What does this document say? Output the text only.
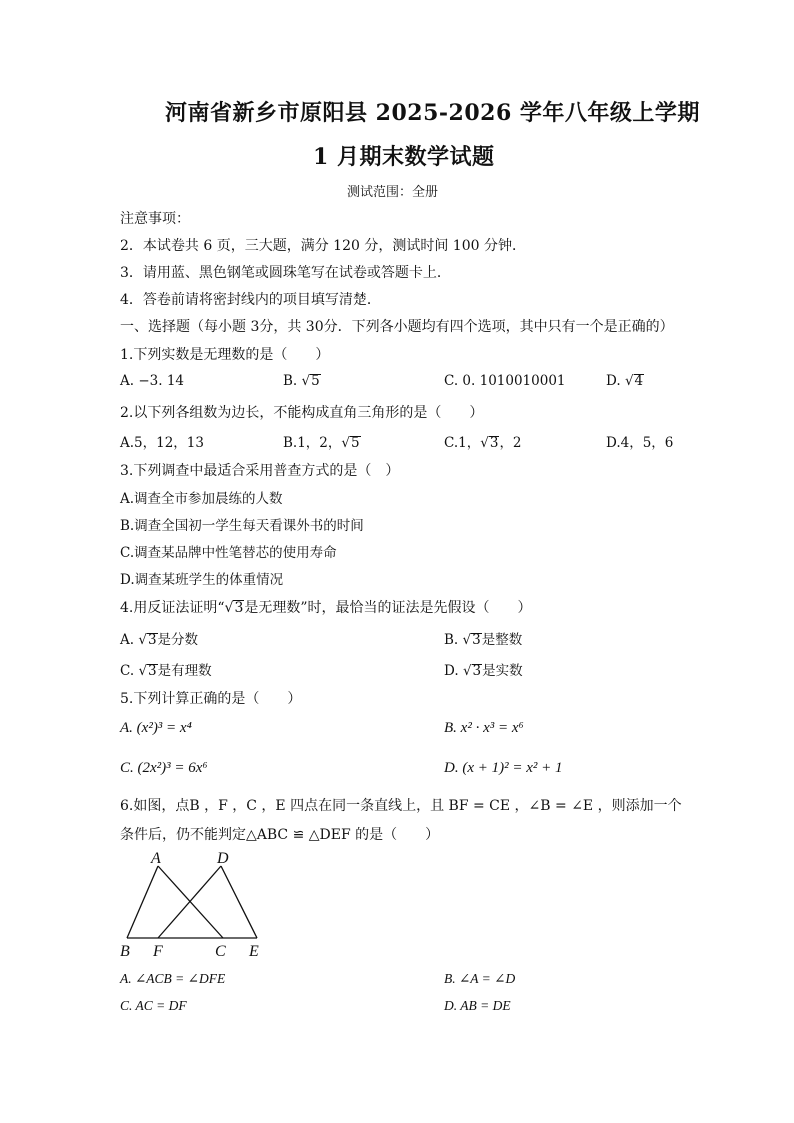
河南省新乡市原阳县 2025-2026 学年八年级上学期
1 月期末数学试题
测试范围：全册
注意事项：
2．本试卷共 6 页，三大题，满分 120 分，测试时间 100 分钟．
3．请用蓝、黑色钢笔或圆珠笔写在试卷或答题卡上．
4．答卷前请将密封线内的项目填写清楚．
一、选择题（每小题 3分，共 30分．下列各小题均有四个选项，其中只有一个是正确的）
1.下列实数是无理数的是（　　）
A. −3. 14	B. √5	C. 0. 1010010001	D. √4
2.以下列各组数为边长，不能构成直角三角形的是（　　）
A.5，12，13	B.1，2，√5	C.1，√3，2	D.4，5，6
3.下列调查中最适合采用普查方式的是（　）
A.调查全市参加晨练的人数
B.调查全国初一学生每天看课外书的时间
C.调查某品牌中性笔替芯的使用寿命
D.调查某班学生的体重情况
4.用反证法证明“√3是无理数”时，最恰当的证法是先假设（　　）
A. √3是分数	B. √3是整数
C. √3是有理数	D. √3是实数
5.下列计算正确的是（　　）
A. (x²)³ = x⁴	B. x² · x³ = x⁶
C. (2x²)³ = 6x⁶	D. (x + 1)² = x² + 1
6.如图，点B ，F ，C ，E 四点在同一条直线上，且 BF = CE ，∠B = ∠E ，则添加一个
条件后，仍不能判定△ABC ≌ △DEF 的是（　　）
A	D
B F	C E
A. ∠ACB = ∠DFE	B. ∠A = ∠D
C. AC = DF	D. AB = DE
